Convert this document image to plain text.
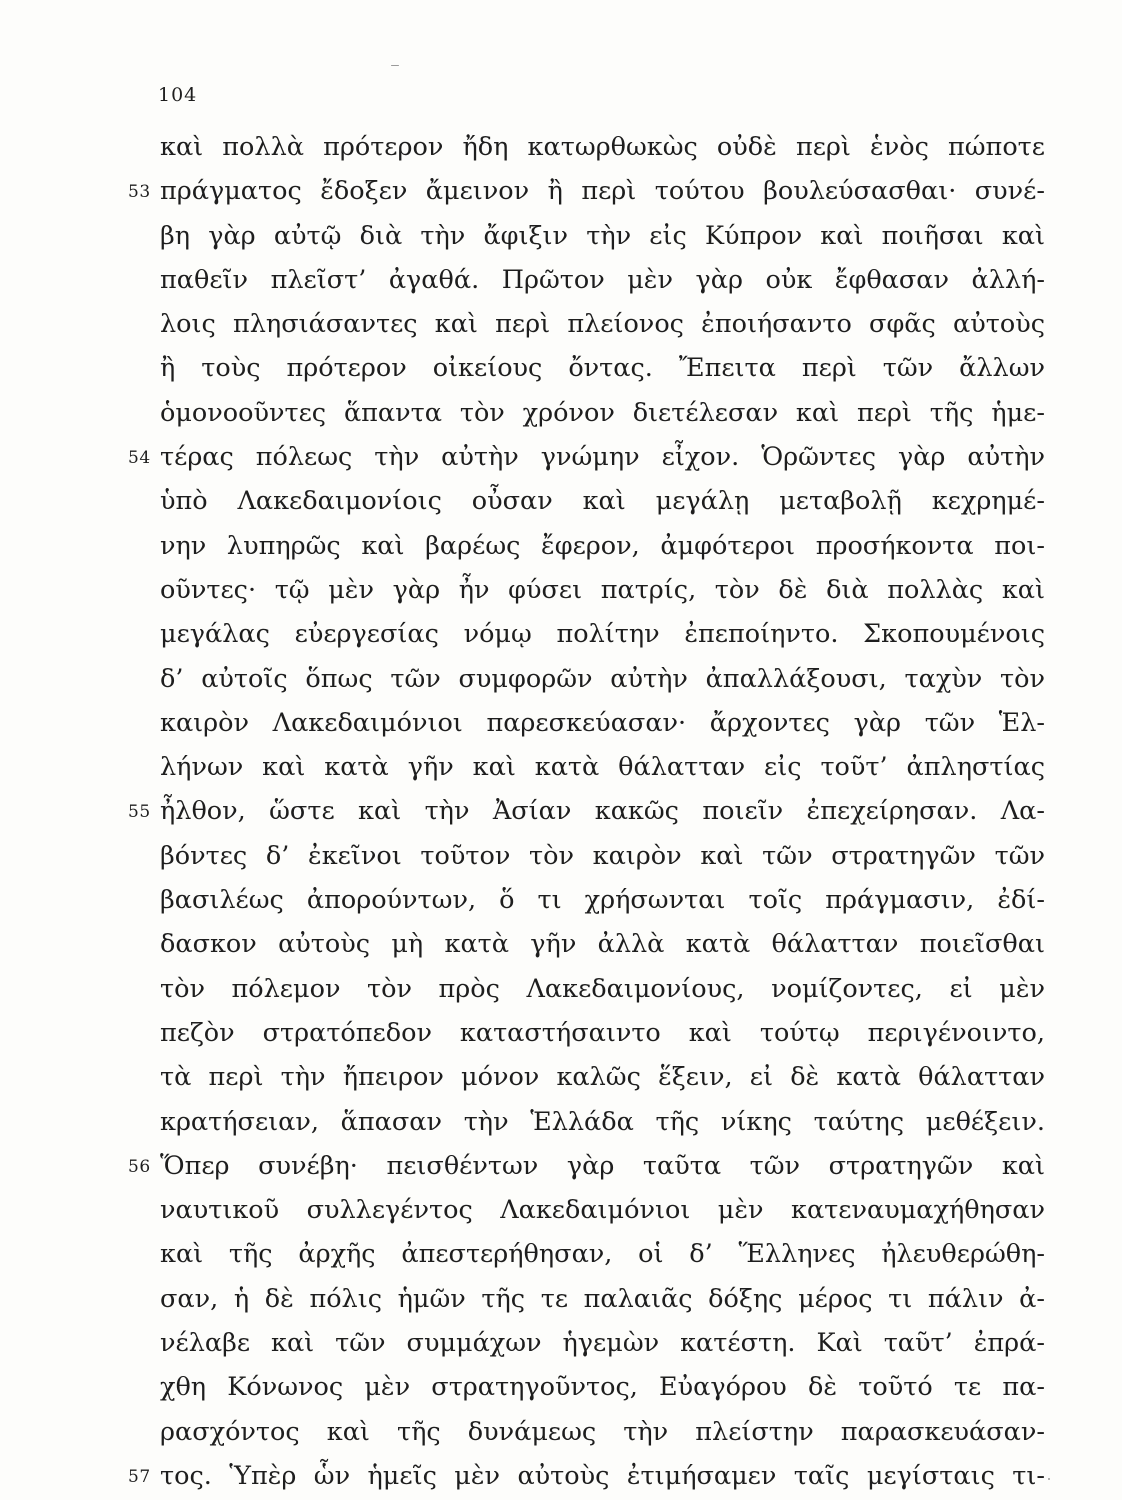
104
καὶ πολλὰ πρότερον ἤδη κατωρθωκὼς οὐδὲ περὶ ἑνὸς πώποτε
πράγματος ἔδοξεν ἄμεινον ἢ περὶ τούτου βουλεύσασθαι· συνέ-
53
βη γὰρ αὐτῷ διὰ τὴν ἄφιξιν τὴν εἰς Κύπρον καὶ ποιῆσαι καὶ
παθεῖν πλεῖστ’ ἀγαθά. Πρῶτον μὲν γὰρ οὐκ ἔφθασαν ἀλλή-
λοις πλησιάσαντες καὶ περὶ πλείονος ἐποιήσαντο σφᾶς αὐτοὺς
ἢ τοὺς πρότερον οἰκείους ὄντας. Ἔπειτα περὶ τῶν ἄλλων
ὁμονοοῦντες ἅπαντα τὸν χρόνον διετέλεσαν καὶ περὶ τῆς ἡμε-
τέρας πόλεως τὴν αὐτὴν γνώμην εἶχον. Ὁρῶντες γὰρ αὐτὴν
54
ὑπὸ Λακεδαιμονίοις οὖσαν καὶ μεγάλῃ μεταβολῇ κεχρημέ-
νην λυπηρῶς καὶ βαρέως ἔφερον, ἀμφότεροι προσήκοντα ποι-
οῦντες· τῷ μὲν γὰρ ἦν φύσει πατρίς, τὸν δὲ διὰ πολλὰς καὶ
μεγάλας εὐεργεσίας νόμῳ πολίτην ἐπεποίηντο. Σκοπουμένοις
δ’ αὐτοῖς ὅπως τῶν συμφορῶν αὐτὴν ἀπαλλάξουσι, ταχὺν τὸν
καιρὸν Λακεδαιμόνιοι παρεσκεύασαν· ἄρχοντες γὰρ τῶν Ἑλ-
λήνων καὶ κατὰ γῆν καὶ κατὰ θάλατταν εἰς τοῦτ’ ἀπληστίας
ἦλθον, ὥστε καὶ τὴν Ἀσίαν κακῶς ποιεῖν ἐπεχείρησαν. Λα-
55
βόντες δ’ ἐκεῖνοι τοῦτον τὸν καιρὸν καὶ τῶν στρατηγῶν τῶν
βασιλέως ἀπορούντων, ὅ τι χρήσωνται τοῖς πράγμασιν, ἐδί-
δασκον αὐτοὺς μὴ κατὰ γῆν ἀλλὰ κατὰ θάλατταν ποιεῖσθαι
τὸν πόλεμον τὸν πρὸς Λακεδαιμονίους, νομίζοντες, εἰ μὲν
πεζὸν στρατόπεδον καταστήσαιντο καὶ τούτῳ περιγένοιντο,
τὰ περὶ τὴν ἤπειρον μόνον καλῶς ἕξειν, εἰ δὲ κατὰ θάλατταν
κρατήσειαν, ἅπασαν τὴν Ἑλλάδα τῆς νίκης ταύτης μεθέξειν.
Ὅπερ συνέβη· πεισθέντων γὰρ ταῦτα τῶν στρατηγῶν καὶ
56
ναυτικοῦ συλλεγέντος Λακεδαιμόνιοι μὲν κατεναυμαχήθησαν
καὶ τῆς ἀρχῆς ἀπεστερήθησαν, οἱ δ’ Ἕλληνες ἠλευθερώθη-
σαν, ἡ δὲ πόλις ἡμῶν τῆς τε παλαιᾶς δόξης μέρος τι πάλιν ἀ-
νέλαβε καὶ τῶν συμμάχων ἡγεμὼν κατέστη. Καὶ ταῦτ’ ἐπρά-
χθη Κόνωνος μὲν στρατηγοῦντος, Εὐαγόρου δὲ τοῦτό τε πα-
ρασχόντος καὶ τῆς δυνάμεως τὴν πλείστην παρασκευάσαν-
τος. Ὑπὲρ ὧν ἡμεῖς μὲν αὐτοὺς ἐτιμήσαμεν ταῖς μεγίσταις τι-
57
